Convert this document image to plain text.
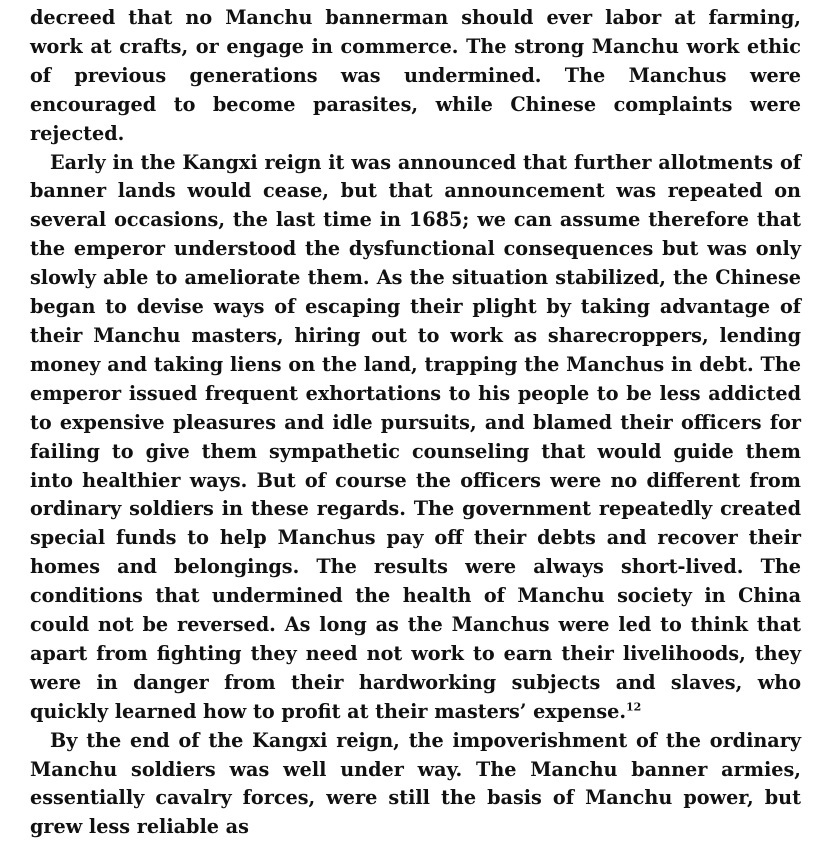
decreed that no Manchu bannerman should ever labor at farming, work at crafts, or engage in commerce. The strong Manchu work ethic of previous generations was undermined. The Manchus were encouraged to become parasites, while Chinese complaints were rejected.

Early in the Kangxi reign it was announced that further allotments of banner lands would cease, but that announcement was repeated on several occasions, the last time in 1685; we can assume therefore that the emperor understood the dysfunctional consequences but was only slowly able to ameliorate them. As the situation stabilized, the Chinese began to devise ways of escaping their plight by taking advantage of their Manchu masters, hiring out to work as sharecroppers, lending money and taking liens on the land, trapping the Manchus in debt. The emperor issued frequent exhortations to his people to be less addicted to expensive pleasures and idle pursuits, and blamed their officers for failing to give them sympathetic counseling that would guide them into healthier ways. But of course the officers were no different from ordinary soldiers in these regards. The government repeatedly created special funds to help Manchus pay off their debts and recover their homes and belongings. The results were always short-lived. The conditions that undermined the health of Manchu society in China could not be reversed. As long as the Manchus were led to think that apart from fighting they need not work to earn their livelihoods, they were in danger from their hardworking subjects and slaves, who quickly learned how to profit at their masters’ expense.$^{12}$

By the end of the Kangxi reign, the impoverishment of the ordinary Manchu soldiers was well under way. The Manchu banner armies, essentially cavalry forces, were still the basis of Manchu power, but grew less reliable as
